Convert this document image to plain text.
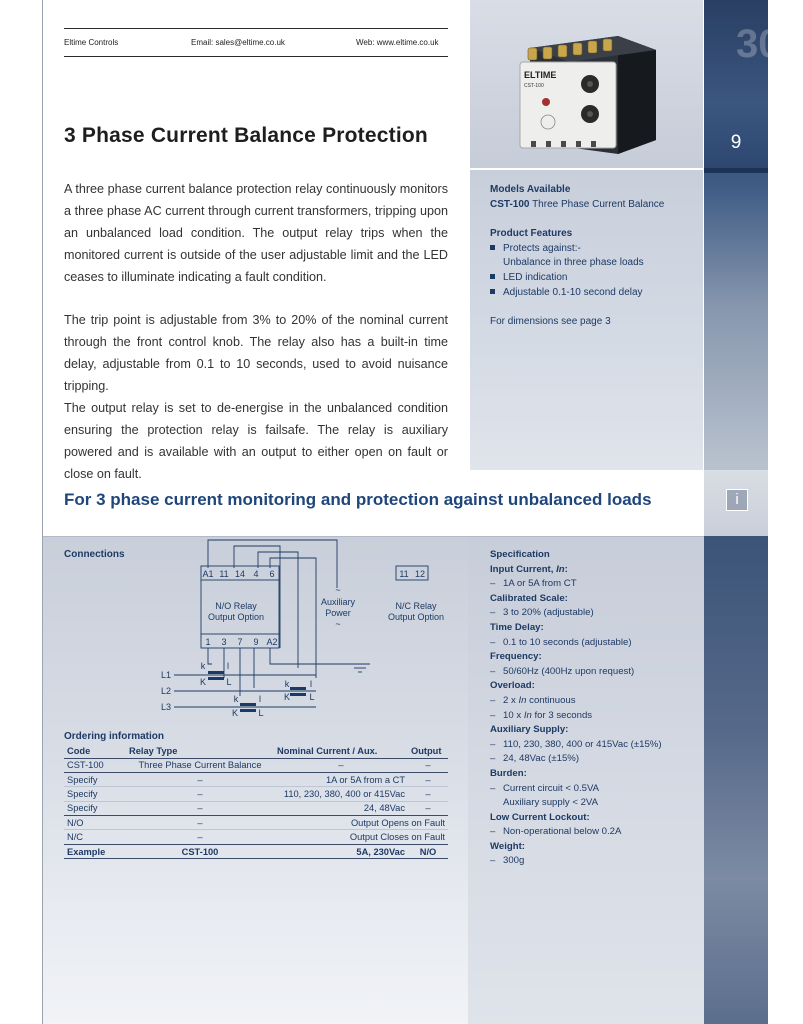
300
9
i
Eltime Controls	Email: sales@eltime.co.uk	Web: www.eltime.co.uk
3 Phase Current Balance Protection

A three phase current balance protection relay continuously monitors a three phase AC current through current transformers, tripping upon an unbalanced load condition. The output relay trips when the monitored current is outside of the user adjustable limit and the LED ceases to illuminate indicating a fault condition.

The trip point is adjustable from 3% to 20% of the nominal current through the front control knob. The relay also has a built-in time delay, adjustable from 0.1 to 10 seconds, used to avoid nuisance tripping.

The output relay is set to de-energise in the unbalanced condition ensuring the protection relay is failsafe. The relay is auxiliary powered and is available with an output to either open on fault or close on fault.

ELTIME
CST-100
Models Available
CST-100 Three Phase Current Balance
Product Features
Protects against:-
Unbalance in three phase loads
LED indication
Adjustable 0.1-10 second delay
For dimensions see page 3
For 3 phase current monitoring and protection against unbalanced loads
Connections
A1 11 14 4 6
1 3 7 9 A2
11 12
N/O Relay
Output Option
~
Auxiliary
Power
~
N/C Relay
Output Option
L1
L2
L3
k
K
l
L	k
K
l
L
k
K
l
L
Ordering information
Code	Relay Type	Nominal Current / Aux.	Output
CST-100	Three Phase Current Balance	–	–
Specify	–	1A or 5A from a CT	–
Specify	–	110, 230, 380, 400 or 415Vac	–
Specify	–	24, 48Vac	–
N/O	–	Output Opens on Fault	
N/C	–	Output Closes on Fault	
Example	CST-100	5A, 230Vac	N/O
Specification
Input Current, In:
– 1A or 5A from CT
Calibrated Scale:
– 3 to 20% (adjustable)
Time Delay:
– 0.1 to 10 seconds (adjustable)
Frequency:
– 50/60Hz (400Hz upon request)
Overload:
– 2 x In continuous
– 10 x In for 3 seconds
Auxiliary Supply:
– 110, 230, 380, 400 or 415Vac (±15%)
– 24, 48Vac (±15%)
Burden:
– Current circuit < 0.5VA
Auxiliary supply < 2VA
Low Current Lockout:
– Non-operational below 0.2A
Weight:
– 300g
